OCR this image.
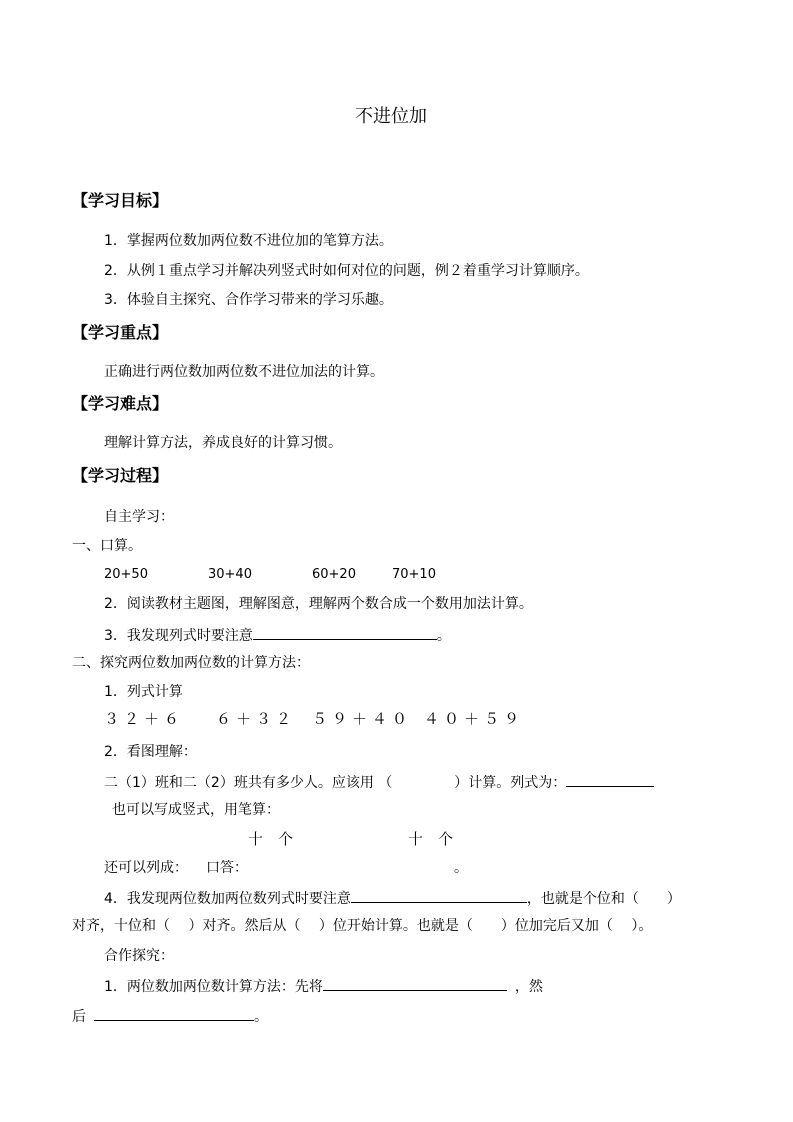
不进位加
【学习目标】
1．掌握两位数加两位数不进位加的笔算方法。
2．从例１重点学习并解决列竖式时如何对位的问题，例２着重学习计算顺序。
3．体验自主探究、合作学习带来的学习乐趣。
【学习重点】
正确进行两位数加两位数不进位加法的计算。
【学习难点】
理解计算方法，养成良好的计算习惯。
【学习过程】
自主学习：
一、口算。
20+50	30+40	60+20	70+10
2．阅读教材主题图，理解图意，理解两个数合成一个数用加法计算。
3．我发现列式时要注意	。
二、探究两位数加两位数的计算方法：
1．列式计算
３２＋６ ６＋３２ ５９＋４０ ４０＋５９
2．看图理解：
二（1）班和二（2）班共有多少人。应该用 （	）计算。列式为：
也可以写成竖式，用笔算：
十　个	十　个
还可以列成： 口答：	。
4．我发现两位数加两位数列式时要注意	，也就是个位和（　　）
对齐，十位和（　 ）对齐。然后从（　 ）位开始计算。也就是（　　）位加完后又加（　 ）。
合作探究：
1．两位数加两位数计算方法：先将	，然
后	。
